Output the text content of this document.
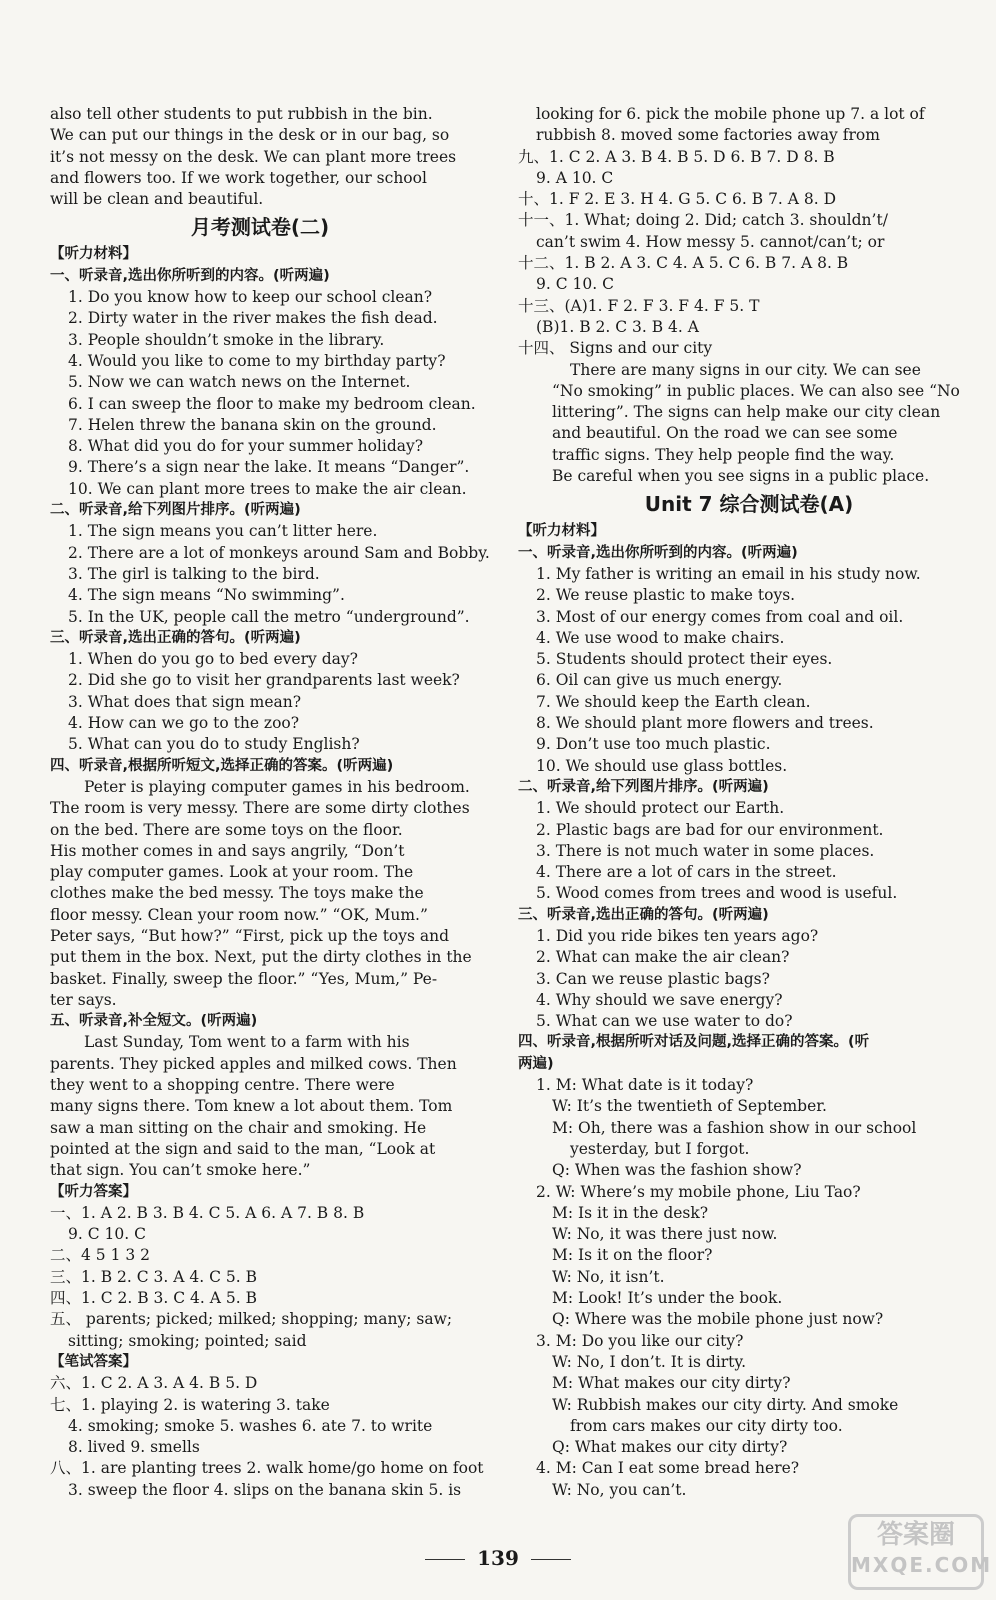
also tell other students to put rubbish in the bin.
We can put our things in the desk or in our bag, so
it’s not messy on the desk. We can plant more trees
and flowers too. If we work together, our school
will be clean and beautiful.
月考测试卷(二)
【听力材料】
一、听录音,选出你所听到的内容。(听两遍)
1. Do you know how to keep our school clean?
2. Dirty water in the river makes the fish dead.
3. People shouldn’t smoke in the library.
4. Would you like to come to my birthday party?
5. Now we can watch news on the Internet.
6. I can sweep the floor to make my bedroom clean.
7. Helen threw the banana skin on the ground.
8. What did you do for your summer holiday?
9. There’s a sign near the lake. It means “Danger”.
10. We can plant more trees to make the air clean.
二、听录音,给下列图片排序。(听两遍)
1. The sign means you can’t litter here.
2. There are a lot of monkeys around Sam and Bobby.
3. The girl is talking to the bird.
4. The sign means “No swimming”.
5. In the UK, people call the metro “underground”.
三、听录音,选出正确的答句。(听两遍)
1. When do you go to bed every day?
2. Did she go to visit her grandparents last week?
3. What does that sign mean?
4. How can we go to the zoo?
5. What can you do to study English?
四、听录音,根据所听短文,选择正确的答案。(听两遍)
Peter is playing computer games in his bedroom.
The room is very messy. There are some dirty clothes
on the bed. There are some toys on the floor.
His mother comes in and says angrily, “Don’t
play computer games. Look at your room. The
clothes make the bed messy. The toys make the
floor messy. Clean your room now.” “OK, Mum.”
Peter says, “But how?” “First, pick up the toys and
put them in the box. Next, put the dirty clothes in the
basket. Finally, sweep the floor.” “Yes, Mum,” Pe-
ter says.
五、听录音,补全短文。(听两遍)
Last Sunday, Tom went to a farm with his
parents. They picked apples and milked cows. Then
they went to a shopping centre. There were
many signs there. Tom knew a lot about them. Tom
saw a man sitting on the chair and smoking. He
pointed at the sign and said to the man, “Look at
that sign. You can’t smoke here.”
【听力答案】
一、1. A 2. B 3. B 4. C 5. A 6. A 7. B 8. B
9. C 10. C
二、4 5 1 3 2
三、1. B 2. C 3. A 4. C 5. B
四、1. C 2. B 3. C 4. A 5. B
五、 parents; picked; milked; shopping; many; saw;
sitting; smoking; pointed; said
【笔试答案】
六、1. C 2. A 3. A 4. B 5. D
七、1. playing 2. is watering 3. take
4. smoking; smoke 5. washes 6. ate 7. to write
8. lived 9. smells
八、1. are planting trees 2. walk home/go home on foot
3. sweep the floor 4. slips on the banana skin 5. is
looking for 6. pick the mobile phone up 7. a lot of
rubbish 8. moved some factories away from
九、1. C 2. A 3. B 4. B 5. D 6. B 7. D 8. B
9. A 10. C
十、1. F 2. E 3. H 4. G 5. C 6. B 7. A 8. D
十一、1. What; doing 2. Did; catch 3. shouldn’t/
can’t swim 4. How messy 5. cannot/can’t; or
十二、1. B 2. A 3. C 4. A 5. C 6. B 7. A 8. B
9. C 10. C
十三、(A)1. F 2. F 3. F 4. F 5. T
(B)1. B 2. C 3. B 4. A
十四、 Signs and our city
There are many signs in our city. We can see
“No smoking” in public places. We can also see “No
littering”. The signs can help make our city clean
and beautiful. On the road we can see some
traffic signs. They help people find the way.
Be careful when you see signs in a public place.
Unit 7 综合测试卷(A)
【听力材料】
一、听录音,选出你所听到的内容。(听两遍)
1. My father is writing an email in his study now.
2. We reuse plastic to make toys.
3. Most of our energy comes from coal and oil.
4. We use wood to make chairs.
5. Students should protect their eyes.
6. Oil can give us much energy.
7. We should keep the Earth clean.
8. We should plant more flowers and trees.
9. Don’t use too much plastic.
10. We should use glass bottles.
二、听录音,给下列图片排序。(听两遍)
1. We should protect our Earth.
2. Plastic bags are bad for our environment.
3. There is not much water in some places.
4. There are a lot of cars in the street.
5. Wood comes from trees and wood is useful.
三、听录音,选出正确的答句。(听两遍)
1. Did you ride bikes ten years ago?
2. What can make the air clean?
3. Can we reuse plastic bags?
4. Why should we save energy?
5. What can we use water to do?
四、听录音,根据所听对话及问题,选择正确的答案。(听
两遍)
1. M: What date is it today?
W: It’s the twentieth of September.
M: Oh, there was a fashion show in our school
yesterday, but I forgot.
Q: When was the fashion show?
2. W: Where’s my mobile phone, Liu Tao?
M: Is it in the desk?
W: No, it was there just now.
M: Is it on the floor?
W: No, it isn’t.
M: Look! It’s under the book.
Q: Where was the mobile phone just now?
3. M: Do you like our city?
W: No, I don’t. It is dirty.
M: What makes our city dirty?
W: Rubbish makes our city dirty. And smoke
from cars makes our city dirty too.
Q: What makes our city dirty?
4. M: Can I eat some bread here?
W: No, you can’t.
139
答案圈
MXQE.COM
